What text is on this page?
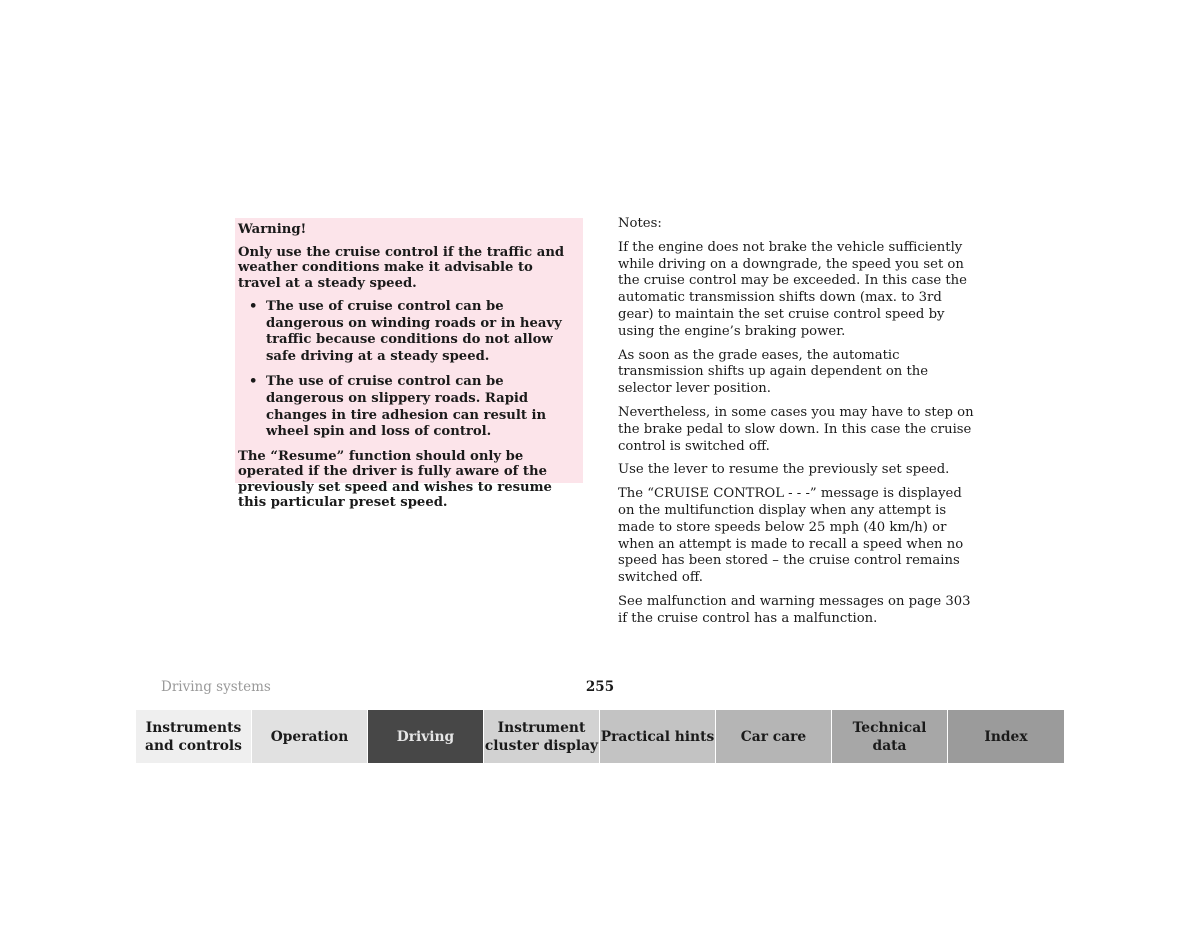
Warning!
Only use the cruise control if the traffic and weather conditions make it advisable to travel at a steady speed.
• The use of cruise control can be dangerous on winding roads or in heavy traffic because conditions do not allow safe driving at a steady speed.
• The use of cruise control can be dangerous on slippery roads. Rapid changes in tire adhesion can result in wheel spin and loss of control.
The “Resume” function should only be operated if the driver is fully aware of the previously set speed and wishes to resume this particular preset speed.
Notes:

If the engine does not brake the vehicle sufficiently while driving on a downgrade, the speed you set on the cruise control may be exceeded. In this case the automatic transmission shifts down (max. to 3rd gear) to maintain the set cruise control speed by using the engine’s braking power.

As soon as the grade eases, the automatic transmission shifts up again dependent on the selector lever position.

Nevertheless, in some cases you may have to step on the brake pedal to slow down. In this case the cruise control is switched off.

Use the lever to resume the previously set speed.

The “CRUISE CONTROL - - -” message is displayed on the multifunction display when any attempt is made to store speeds below 25 mph (40 km/h) or when an attempt is made to recall a speed when no speed has been stored – the cruise control remains switched off.

See malfunction and warning messages on page 303 if the cruise control has a malfunction.

Driving systems	255
Instruments
and controls
Operation	Driving
Instrument
cluster display
Practical hints	Car care
Technical
data
Index
